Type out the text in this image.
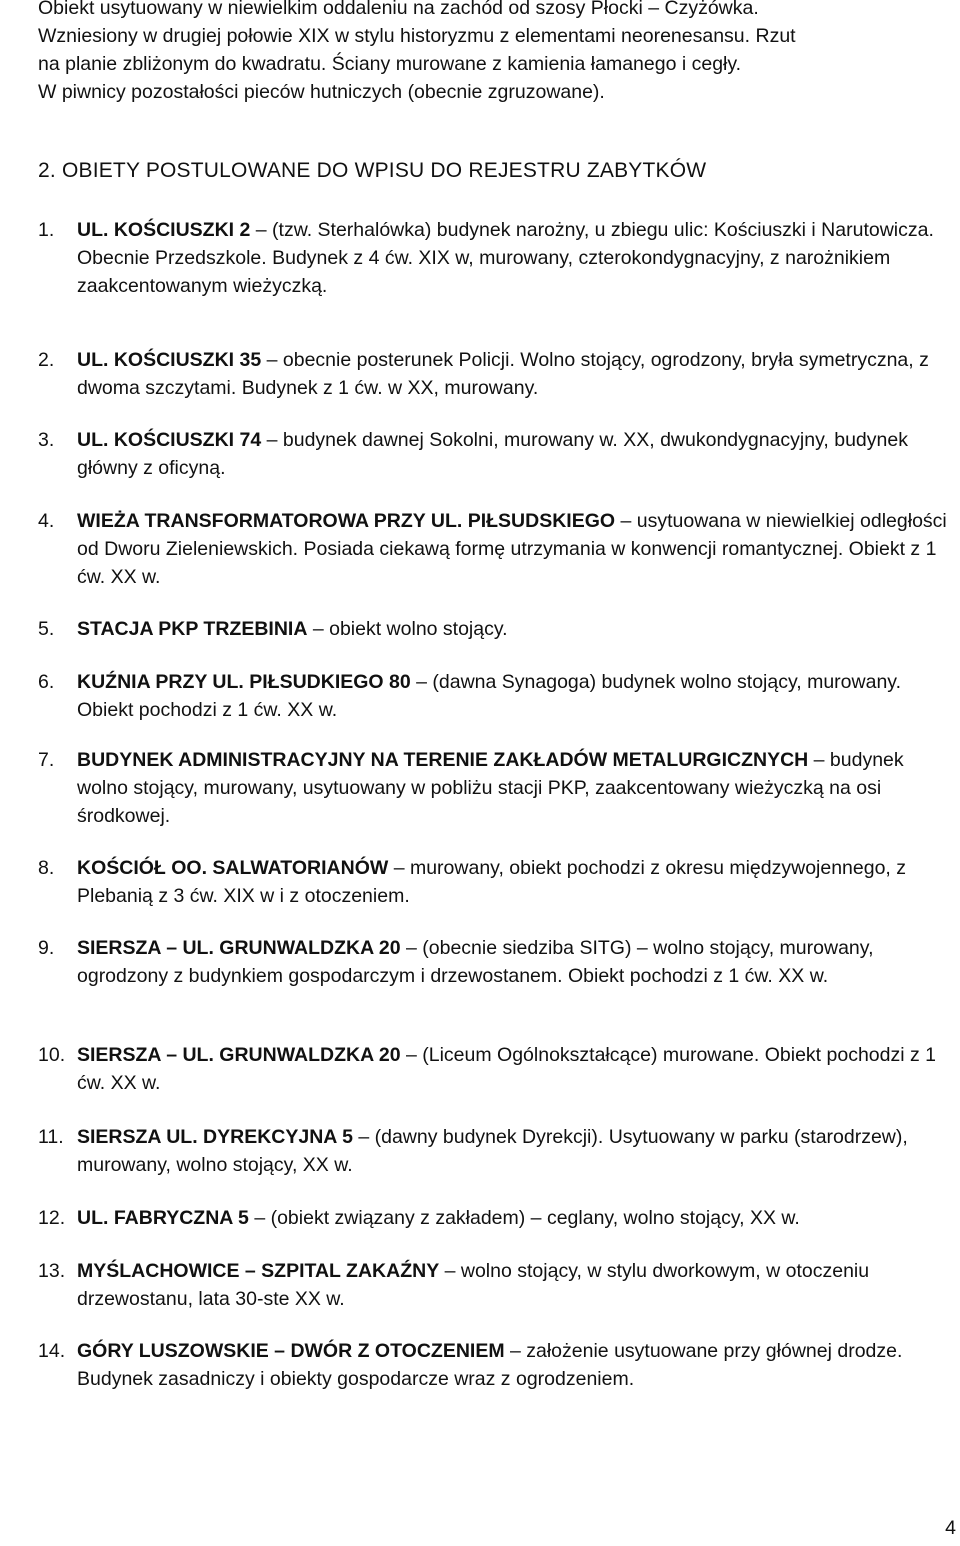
Obiekt usytuowany w niewielkim oddaleniu na zachód od szosy Płocki – Czyżówka.

Wzniesiony w drugiej połowie XIX w stylu historyzmu z elementami neorenesansu. Rzut

na planie zbliżonym do kwadratu. Ściany murowane z kamienia łamanego i cegły.

W piwnicy pozostałości pieców hutniczych (obecnie zgruzowane).

2. OBIETY POSTULOWANE DO WPISU DO REJESTRU ZABYTKÓW
1.	UL. KOŚCIUSZKI 2 – (tzw. Sterhalówka) budynek narożny, u zbiegu ulic: Kościuszki i Narutowicza. Obecnie Przedszkole. Budynek z 4 ćw. XIX w, murowany, czterokondygnacyjny, z narożnikiem zaakcentowanym wieżyczką.
2.	UL. KOŚCIUSZKI 35 – obecnie posterunek Policji. Wolno stojący, ogrodzony, bryła symetryczna, z dwoma szczytami. Budynek z 1 ćw. w XX, murowany.
3.	UL. KOŚCIUSZKI 74 – budynek dawnej Sokolni, murowany w. XX, dwukondygnacyjny, budynek główny z oficyną.
4.	WIEŻA TRANSFORMATOROWA PRZY UL. PIŁSUDSKIEGO – usytuowana w niewielkiej odległości od Dworu Zieleniewskich. Posiada ciekawą formę utrzymania w konwencji romantycznej. Obiekt z 1 ćw. XX w.
5.	STACJA PKP TRZEBINIA – obiekt wolno stojący.
6.	KUŹNIA PRZY UL. PIŁSUDKIEGO 80 – (dawna Synagoga) budynek wolno stojący, murowany. Obiekt pochodzi z 1 ćw. XX w.
7.	BUDYNEK ADMINISTRACYJNY NA TERENIE ZAKŁADÓW METALURGICZNYCH – budynek wolno stojący, murowany, usytuowany w pobliżu stacji PKP, zaakcentowany wieżyczką na osi środkowej.
8.	KOŚCIÓŁ OO. SALWATORIANÓW – murowany, obiekt pochodzi z okresu międzywojennego, z Plebanią z 3 ćw. XIX w i z otoczeniem.
9.	SIERSZA – UL. GRUNWALDZKA 20 – (obecnie siedziba SITG) – wolno stojący, murowany, ogrodzony z budynkiem gospodarczym i drzewostanem. Obiekt pochodzi z 1 ćw. XX w.
10. SIERSZA – UL. GRUNWALDZKA 20 – (Liceum Ogólnokształcące) murowane. Obiekt pochodzi z 1 ćw. XX w.
11. SIERSZA UL. DYREKCYJNA 5 – (dawny budynek Dyrekcji). Usytuowany w parku (starodrzew), murowany, wolno stojący, XX w.
12. UL. FABRYCZNA 5 – (obiekt związany z zakładem) – ceglany, wolno stojący, XX w.
13. MYŚLACHOWICE – SZPITAL ZAKAŹNY – wolno stojący, w stylu dworkowym, w otoczeniu drzewostanu, lata 30-ste XX w.
14. GÓRY LUSZOWSKIE – DWÓR Z OTOCZENIEM – założenie usytuowane przy głównej drodze. Budynek zasadniczy i obiekty gospodarcze wraz z ogrodzeniem.
4
